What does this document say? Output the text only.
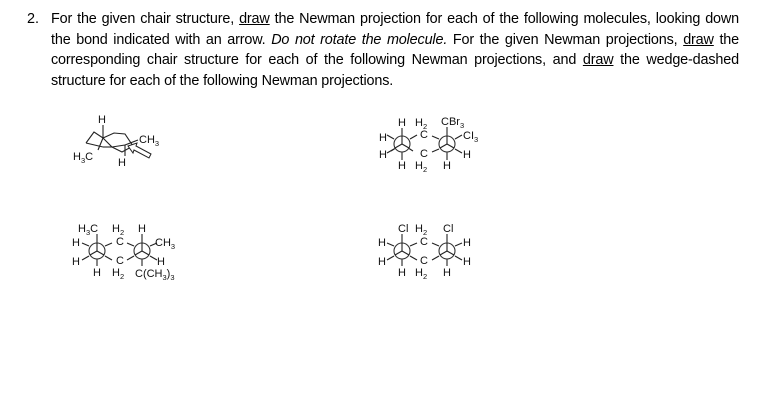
2. For the given chair structure, draw the Newman projection for each of the following molecules, looking down the bond indicated with an arrow. Do not rotate the molecule. For the given Newman projections, draw the corresponding chair structure for each of the following Newman projections, and draw the wedge-dashed structure for each of the following Newman projections.
H
$CH_3$
$H_3C$ H
H
H
H
H
$H_2$
C
C
$H_2$
CBr$_3$
$CI_3$
H
H
$H_3C$
H
H
H
$H_2$
C
C
$H_2$
H
$CH_3$
H
$C(CH_3)_3$
Cl
H
H
H
$H_2$
C
C
$H_2$
Cl
H
H
H
